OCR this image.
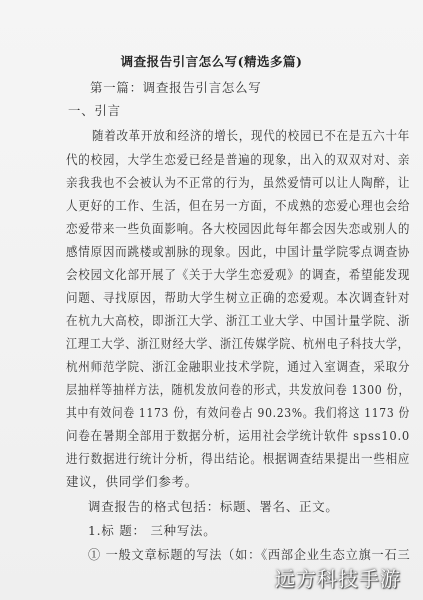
调查报告引言怎么写(精选多篇)
第一篇：调查报告引言怎么写
一、引言
随着改革开放和经济的增长，现代的校园已不在是五六十年
代的校园，大学生恋爱已经是普遍的现象，出入的双双对对、亲
亲我我也不会被认为不正常的行为，虽然爱情可以让人陶醉，让
人更好的工作、生活，但在另一方面，不成熟的恋爱心理也会给
恋爱带来一些负面影响。各大校园因此每年都会因失恋或别人的
感情原因而跳楼或割脉的现象。因此，中国计量学院零点调查协
会校园文化部开展了《关于大学生恋爱观》的调查，希望能发现
问题、寻找原因，帮助大学生树立正确的恋爱观。本次调查针对
在杭九大高校，即浙江大学、浙江工业大学、中国计量学院、浙
江理工大学、浙江财经大学、浙江传媒学院、杭州电子科技大学，
杭州师范学院、浙江金融职业技术学院，通过入室调查，采取分
层抽样等抽样方法，随机发放问卷的形式，共发放问卷 1300 份，
其中有效问卷 1173 份，有效问卷占 90.23%。我们将这 1173 份
问卷在暑期全部用于数据分析，运用社会学统计软件 spss10.0
进行数据进行统计分析，得出结论。根据调查结果提出一些相应
建议，供同学们参考。
调查报告的格式包括：标题、署名、正文。
1.标 题： 三种写法。
① 一般文章标题的写法（如：《西部企业生态立旗一石三
远方科技手游
